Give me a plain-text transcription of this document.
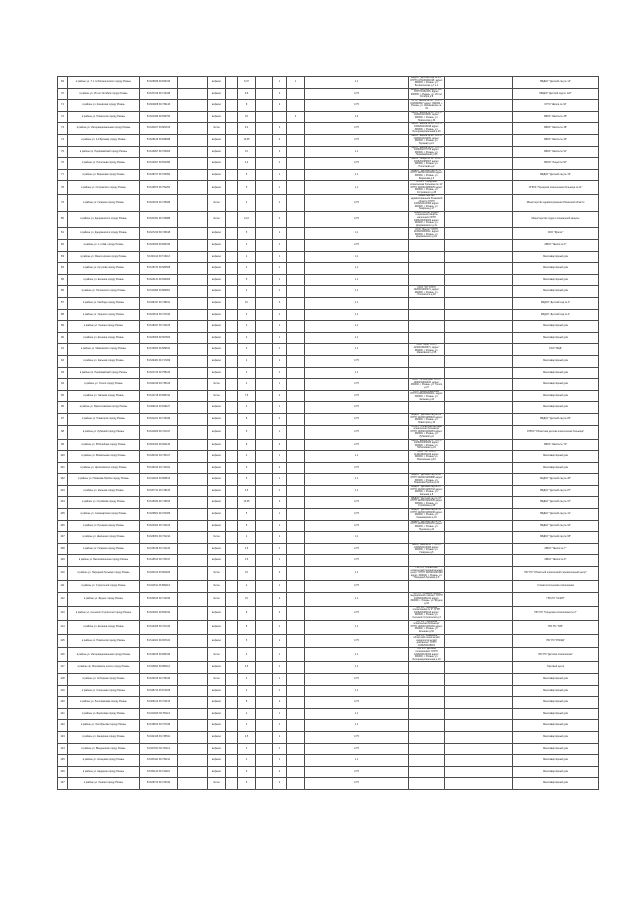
69	в районе ул. Т. 1 по Ботанического городу Рязань	54.629936 39.694016		асфальт		6,37		1	1	1,1	МКДОУ "Детский сад № 14", ОГРН 1176230001195, адрес: 390000, г. Рязань, ул. Ботаническая д.7 к.1		МБДОУ "Детский сад № 14"
70	в районе ул. 25 лет Октября городу Рязань	54.637419 39.714448		асфальт		9,6		3		0,75	МБДОУ "Детский сад № 122" ОГРН 1062315, адрес: 390000, г. Рязань, ул. 25 лет Октября д.8		МБДОУ "Детский сад № 122"
71	в районе ул. Качевская городу Рязань	54.604908 39.739143		асфальт		8		2		0,75	ОГУЗ "Школа № 32", ОГРН 1029400527 адрес: 390000, г. Рязань, ул. Касимовское ш. 34		ОГУЗ "Школа № 32"
72	в районе ул. Новоселов городу Рязань	54.621499 39.696760		асфальт		18			3	1,3	МБОУ "Школа № 36" ОГРН 1026201103099, адрес: 390000, г. Рязань, ул. Новоселов д.33		МБОУ "Школа № 36"
73	в районе ул. Интернациональная городу Рязань	54.631167 39.681315		бетон		6,2		3		0,75	МБОУ "Школа № 38" ОГРН 1026201103198 адрес: 390000, г. Рязань, ул. Интернациональная д.20		МБОУ "Школа № 38"
74	в районе ул. 2-й Бульвар городу Рязань	54.625129 39.699698		асфальт		10,35		2		0,75	МБОУ "Школа № 46" ОГРН 1026201103209, адрес: 390000, г. Рязань, ул. Бульвар д.21		МБОУ "Школа № 46"
75	в районе пр. Первомайский городу Рязань	54.616097 39.706003		асфальт		15		3		1,1	МБОУ "Школа № 51" ОГРН 1026201077766 адрес: 390000, г. Рязань, ул. Первомайский д.65		МБОУ "Школа № 51"
76	в районе ул. Полетаева городу Рязань	54.612407 39.651096		асфальт		4,2		1		0,75	МБОУ "Лицей № 52" ОГРН 1026201080307 адрес: 390000, г. Рязань, ул. Полетаева д.2		МБОУ "Лицей № 52"
77	в районе ул. Бирюзова городу Рязань	54.648727 39.706452		асфальт		5		1		1,1	МБДОУ "Детский сад № 15" ОГРН 1026201264083 адрес: 390000, г. Рязань, ул. Бирюзова д.5		МБДОУ "Детский сад № 15"
78	в районе ул. Островского городу Рязань	54.619873 39.752264		асфальт		5		1		1,1	ОГБУЗ "Городская клиническая больница № 11" ОГРН 1026201085225 адрес: 390000, г. Рязань, ул. Островского д.45		ОГБУЗ "Городская клиническая больница № 11"
79	в районе ул. Гагарина городу Рязань	54.624913 39.745328		бетон		4		1		0,75	Министерство здравоохранения Рязанской области ОГРН 1026201101393 адрес: 390000, г. Рязань, ул. Гагарина д.17		Министерство здравоохранения Рязанской области
80	в районе ул. Дзержинского городу Рязань	54.631451 39.726988		бетон		12,6		3		0,75	Министерство труда и социальной защиты населения ОГРН 1086234000026 адрес: 390000, г. Рязань, ул. Дзержинского д.11		Министерство труда и социальной защиты
81	в районе ул. Дзержинского городу Рязань	54.627240 39.746618		асфальт		5		1		1,1	ООО "Фрегат" ОГРН 1136229003111, адрес: 390000, г. Рязань, ул. Дзержинского д.12		ООО "Фрегат"
82	в районе ул. 1-я Зав. городу Рязань	54.624050 39.683316		асфальт		4		1		0,75			МБОУ "Школа № 6"
83	в районе ул. Мюнстерская городу Рязань	54.621112 39.716113		асфальт		4		1		1,1			Многоквартирный дом
84	в районе ул. Кутузова городу Рязань	54.615731 39.683508		асфальт		4		1		1,1			Многоквартирный дом
85	в районе ул. Есенина городу Рязань	54.624131 39.694003		асфальт		5		1		1,1			Многоквартирный дом
86	в районе ул. Полонского городу Рязань	54.611993 39.686051		асфальт		4		1		1,1	ООО "УК" ОГРН 1026201000271, адрес: 390000, г. Рязань, ул. Полонского д.10		Многоквартирный дом
87	в районе ул. Свободы городу Рязань	54.629417 39.738211		асфальт		10		3		1,1			МКДОУ "Детский сад № 3"
88	в районе ул. Урицкого городу Рязань	54.624512 39.727614		асфальт		3		1		1,1			МКДОУ "Детский сад № 4"
89	в районе ул. Ленина городу Рязань	54.618447 39.744105		асфальт		3		1		1,1			Многоквартирный дом
90	в районе ул. Есенина городу Рязань	54.626309 39.697822		асфальт		3		1		1,1			Многоквартирный дом
91	в районе ул. Маяковского городу Рязань	54.615003 39.689641		асфальт		3		1		1,1	ООО "МКД" ОГРН 1136234006371, адрес: 390000, г. Рязань, ул. Маяковского д.55		ООО "МКД"
92	в районе ул. Кальная городу Рязань	54.632481 39.717209		асфальт		4		1		0,75			Многоквартирный дом
93	в районе пр. Первомайский городу Рязань	54.621744 39.758413		асфальт		4		1		1,1			Многоквартирный дом
94	в районе ул. Гоголя городу Рязань	54.624019 39.735116		бетон		4		1		0,75	ООО "УК Мой дом" ОГРН 1096234004418, адрес: 390000, г. Рязань, ул. Гоголя д.27		Многоквартирный дом
95	в районе ул. Чапаева городу Рязань	54.614718 39.685314		бетон		7,5		2		0,75	ООО "Домоуправление" ОГРН 1126234009201, адрес: 390000, г. Рязань, ул. Чапаева д.43		Многоквартирный дом
96	в районе ул. Братиславская городу Рязань	54.609112 39.649127		асфальт		4		1		0,75			Многоквартирный дом
97	в районе ул. Новаторов городу Рязань	54.641221 39.716049		асфальт		8		2		0,75	МБДОУ "Детский сад № 83" ОГРН 1026201265623 адрес: 390000, г. Рязань, ул. Новаторов д.10		МБДОУ "Детский сад № 83"
98	в районе ул. Зубковой городу Рязань	54.641820 39.701317		асфальт		5		1		0,75	ОГБУЗ "Областная детская клиническая больница" ОГРН 1026201106454 адрес: 390000, г. Рязань, ул. Зубковой д.8		ОГБУЗ "Областная детская клиническая больница"
99	в районе ул. Юбилейная городу Рязань	54.604402 39.692134		асфальт		8		2		0,75	МБОУ "Школа № 72" ОГРН 1026201081606 адрес: 390000, г. Рязань, ул. Юбилейная д.21		МБОУ "Школа № 72"
100	в районе ул. Вокзальная городу Рязань	54.630314 39.733117		асфальт		4		1		1,1	ООО "УК" ОГРН 1146229001015 адрес: 390000, г. Рязань, ул. Вокзальная д.61		Многоквартирный дом
101	в районе ул. Циолковского городу Рязань	54.619014 39.710011		асфальт		6		2		0,75			Многоквартирный дом
102	в районе ул. Новикова-Прибоя городу Рязань	54.611813 39.696613		асфальт		5		1		1,1	МКДОУ "Детский сад № 28" ОГРН 1026201265888 адрес: 390000, г. Рязань, ул. Новикова-Прибоя д.10		МКДОУ "Детский сад № 28"
103	в районе ул. Кальная городу Рязань	54.637711 39.718134		асфальт		4,5		1		1,1	МБДОУ "Детский сад № 87" ОГРН 1026201265733 адрес: 390000, г. Рязань, ул. Кальная д.8		МБДОУ "Детский сад № 87"
104	в районе ул. Стройкова городу Рязань	54.615034 39.719813		асфальт		10,35		3		0,75	МБДОУ "Детский сад № 97" ОГРН 1026201262345 адрес: 390000, г. Рязань, ул. Стройкова д.38		МБДОУ "Детский сад № 97"
105	в районе ул. Семинарская городу Рязань	54.629501 39.704305		асфальт		5		1		0,75	МБДОУ "Детский сад № 41" ОГРН 1026201265238 адрес: 390000, г. Рязань, ул. Семинарская д.16		МБДОУ "Детский сад № 41"
106	в районе ул. Пушкина городу Рязань	54.624404 39.744102		асфальт		5		1		0,75	МБДОУ "Детский сад № 92" ОГРН 1026201269151 адрес: 390000, г. Рязань, ул. Пушкина д.24		МБДОУ "Детский сад № 92"
107	в районе ул. Шевченко городу Рязань	54.628451 39.731214		бетон		4		1		1,1			МБДОУ "Детский сад № 68"
108	в районе ул. Гагарина городу Рязань	54.615128 39.721134		асфальт		4,5		1		0,75	МБОУ "Школа № 7" ОГРН 1026201103400 адрес: 390000, г. Рязань, ул. Гагарина д.5		МБОУ "Школа № 7"
109	в районе ул. Высоковольтная городу Рязань	54.616513 39.734517		асфальт		4,5		1		0,75			МБОУ "Школа № 8"
110	в районе ул. Народный бульвар городу Рязань	54.623113 39.681405		бетон		15		3		1,1	ГБУ РО "Областной клинический перинатальный центр" ОГРН 1026201101999 адрес: 390000, г. Рязань, ул. Народный бульвар д.6		ГБУ РО "Областной клинический перинатальный центр"
111	в районе ул. Строителей городу Рязань	54.611511 39.689213		бетон		4		1		0,75			Стоматологическая поликлиника
112	в районе ул. Фрунзе городу Рязань	54.634513 39.712016		бетон		15		3		1,1	ГБУ РО "Станция скорой медицинской помощи" ОГРН 1026201081211 адрес: 390000, г. Рязань, ул. Фрунзе д.15		ГБУ РО "ССМП"
113	в районе ул. Сельских Строителей городу Рязань	54.624301 39.652014		асфальт		8		2		0,75	ГБУ РО "Городская поликлиника № 2" ОГРН 1026201080010 адрес: 390000, г. Рязань, ул. Сельских Строителей д.3		ГБУ РО "Городская поликлиника № 2"
114	в районе ул. Есенина городу Рязань	54.614405 39.701412		асфальт		5		1		1,1	ГБУ РО "Городская клиническая больница" ОГРН 1026201106100 адрес: 390000, г. Рязань, ул. Есенина д.52		ГБУ РО "ГКБ"
115	в районе ул. Новоселов городу Рязань	54.612021 39.697104		асфальт		5		1		0,75	ГБУ РО "Рязанский областной клинический кардиологический диспансер" ОГРН 1026201108001		ГБУ РО "РОККД"
116	в районе ул. Интернациональная городу Рязань	54.619106 39.680416		бетон		4		1		1,1	ГБУ РО "Детская поликлиника" ОГРН 1026201103344 адрес: 390000, г. Рязань, ул. Интернациональная д.10		ГБУ РО "Детская поликлиника"
117	в районе пр. Московское шоссе городу Рязань	54.615811 39.680112		асфальт		4,5		1		1,1			Торговый центр
118	в районе ул. Соборная городу Рязань	54.632015 39.736416		бетон		4		1		0,75			Многоквартирный дом
119	в районе ул. Солнечная городу Рязань	54.645711 39.674108		асфальт		4		1		1,1			Многоквартирный дом
120	в районе ул. Лесопарковая городу Рязань	54.606113 39.741416		асфальт		8		2		0,75			Многоквартирный дом
121	в районе ул. Берёзовая городу Рязань	54.610916 39.751113		асфальт		4		1		1,1			Многоквартирный дом
122	в районе ул. Октябрьская городу Рязань	54.618813 39.727018		асфальт		4		1		1,1			Многоквартирный дом
123	в районе ул. Каширина городу Рязань	54.622416 39.745511		асфальт		4,5		1		0,75			Многоквартирный дом
124	в районе ул. Введенская городу Рязань	54.627813 39.741114		асфальт		4		1		0,75			Многоквартирный дом
125	в районе ул. Кольцова городу Рязань	54.633411 39.730211		асфальт		4		1		1,1			Многоквартирный дом
126	в районе ул. Щедрина городу Рязань	54.631113 39.744416		асфальт		6		2		0,75			Многоквартирный дом
127	в районе ул. Ленина городу Рязань	54.628712 39.743310		бетон		6		2		0,75			Многоквартирный дом
